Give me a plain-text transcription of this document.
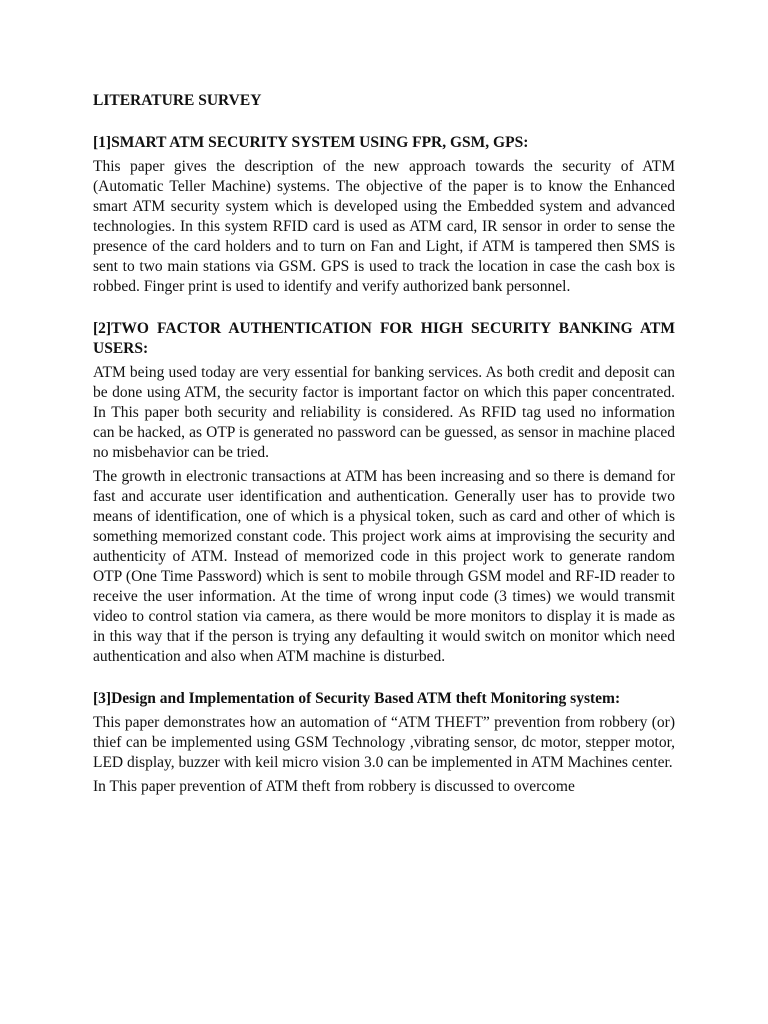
LITERATURE SURVEY
[1]SMART ATM SECURITY SYSTEM USING FPR, GSM, GPS:

This paper gives the description of the new approach towards the security of ATM (Automatic Teller Machine) systems. The objective of the paper is to know the Enhanced smart ATM security system which is developed using the Embedded system and advanced technologies. In this system RFID card is used as ATM card, IR sensor in order to sense the presence of the card holders and to turn on Fan and Light, if ATM is tampered then SMS is sent to two main stations via GSM. GPS is used to track the location in case the cash box is robbed. Finger print is used to identify and verify authorized bank personnel.

[2]TWO FACTOR AUTHENTICATION FOR HIGH SECURITY BANKING ATM USERS:

ATM being used today are very essential for banking services. As both credit and deposit can be done using ATM, the security factor is important factor on which this paper concentrated. In This paper both security and reliability is considered. As RFID tag used no information can be hacked, as OTP is generated no password can be guessed, as sensor in machine placed no misbehavior can be tried.

The growth in electronic transactions at ATM has been increasing and so there is demand for fast and accurate user identification and authentication. Generally user has to provide two means of identification, one of which is a physical token, such as card and other of which is something memorized constant code. This project work aims at improvising the security and authenticity of ATM. Instead of memorized code in this project work to generate random OTP (One Time Password) which is sent to mobile through GSM model and RF-ID reader to receive the user information. At the time of wrong input code (3 times) we would transmit video to control station via camera, as there would be more monitors to display it is made as in this way that if the person is trying any defaulting it would switch on monitor which need authentication and also when ATM machine is disturbed.

[3]Design and Implementation of Security Based ATM theft Monitoring system:

This paper demonstrates how an automation of “ATM THEFT” prevention from robbery (or) thief can be implemented using GSM Technology ,vibrating sensor, dc motor, stepper motor, LED display, buzzer with keil micro vision 3.0 can be implemented in ATM Machines center.

In This paper prevention of ATM theft from robbery is discussed to overcome
